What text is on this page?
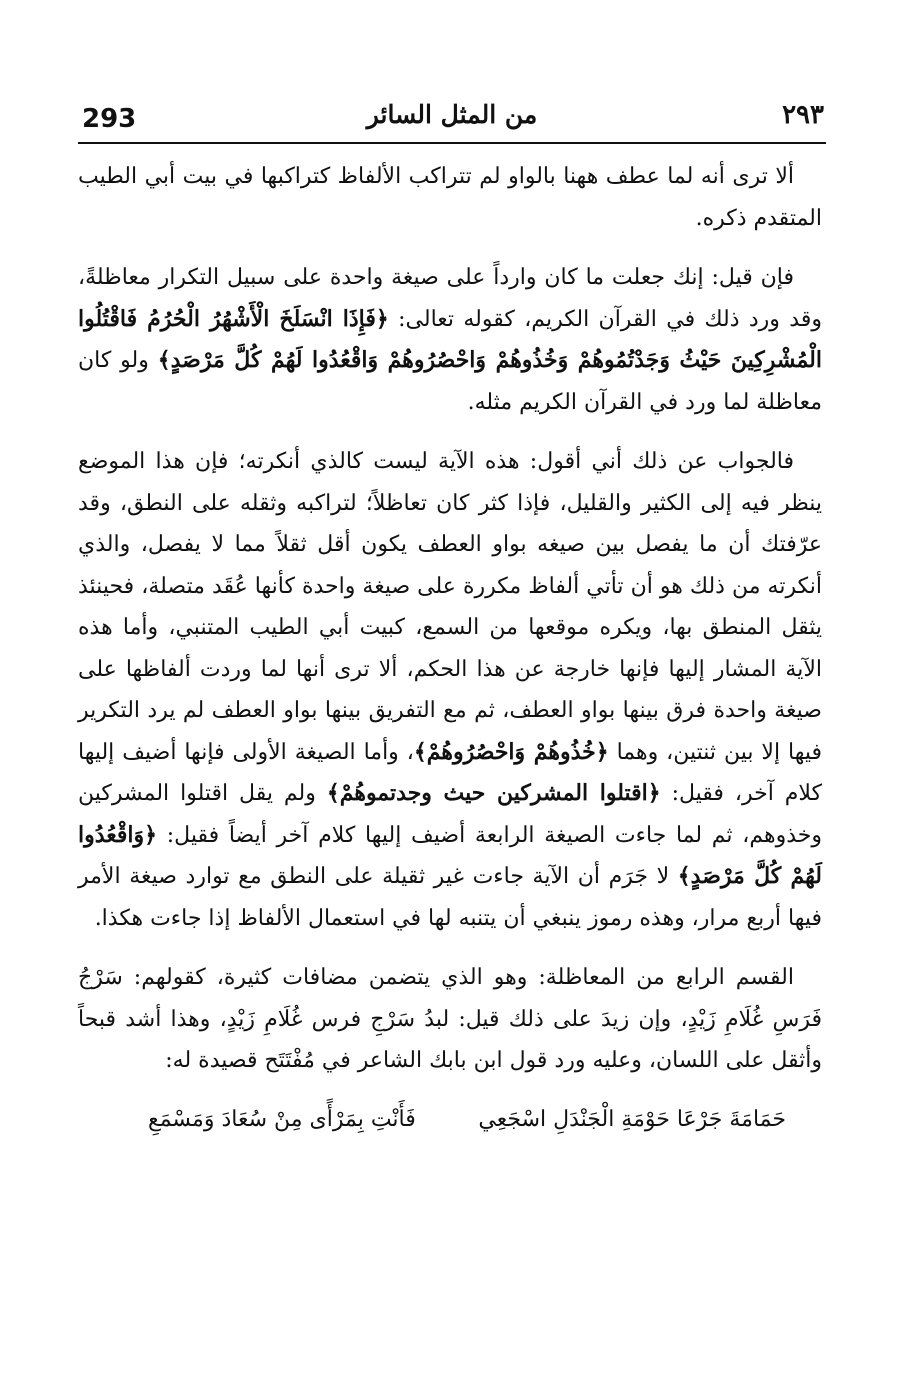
293	من المثل السائر	٢٩٣

ألا ترى أنه لما عطف ههنا بالواو لم تتراكب الألفاظ كتراكبها في بيت أبي الطيب المتقدم ذكره.

فإن قيل: إنك جعلت ما كان وارداً على صيغة واحدة على سبيل التكرار معاظلةً، وقد ورد ذلك في القرآن الكريم، كقوله تعالى: ﴿فَإِذَا انْسَلَخَ الْأَشْهُرُ الْحُرُمُ فَاقْتُلُوا الْمُشْرِكِينَ حَيْثُ وَجَدْتُمُوهُمْ وَخُذُوهُمْ وَاحْصُرُوهُمْ وَاقْعُدُوا لَهُمْ كُلَّ مَرْصَدٍ﴾ ولو كان معاظلة لما ورد في القرآن الكريم مثله.

فالجواب عن ذلك أني أقول: هذه الآية ليست كالذي أنكرته؛ فإن هذا الموضع ينظر فيه إلى الكثير والقليل، فإذا كثر كان تعاظلاً؛ لتراكبه وثقله على النطق، وقد عرّفتك أن ما يفصل بين صيغه بواو العطف يكون أقل ثقلاً مما لا يفصل، والذي أنكرته من ذلك هو أن تأتي ألفاظ مكررة على صيغة واحدة كأنها عُقَد متصلة، فحينئذ يثقل المنطق بها، ويكره موقعها من السمع، كبيت أبي الطيب المتنبي، وأما هذه الآية المشار إليها فإنها خارجة عن هذا الحكم، ألا ترى أنها لما وردت ألفاظها على صيغة واحدة فرق بينها بواو العطف، ثم مع التفريق بينها بواو العطف لم يرد التكرير فيها إلا بين ثنتين، وهما ﴿خُذُوهُمْ وَاحْصُرُوهُمْ﴾، وأما الصيغة الأولى فإنها أضيف إليها كلام آخر، فقيل: ﴿اقتلوا المشركين حيث وجدتموهُمْ﴾ ولم يقل اقتلوا المشركين وخذوهم، ثم لما جاءت الصيغة الرابعة أضيف إليها كلام آخر أيضاً فقيل: ﴿وَاقْعُدُوا لَهُمْ كُلَّ مَرْصَدٍ﴾ لا جَرَم أن الآية جاءت غير ثقيلة على النطق مع توارد صيغة الأمر فيها أربع مرار، وهذه رموز ينبغي أن يتنبه لها في استعمال الألفاظ إذا جاءت هكذا.

القسم الرابع من المعاظلة: وهو الذي يتضمن مضافات كثيرة، كقولهم: سَرْجُ فَرَسِ غُلَامِ زَيْدٍ، وإن زيدَ على ذلك قيل: لبدُ سَرْجِ فرس غُلَامِ زَيْدٍ، وهذا أشد قبحاً وأثقل على اللسان، وعليه ورد قول ابن بابك الشاعر في مُفْتَتَح قصيدة له:

حَمَامَةَ جَرْعَا حَوْمَةِ الْجَنْدَلِ اسْجَعِي
فَأَنْتِ بِمَرْأًى مِنْ سُعَادَ وَمَسْمَعِ
